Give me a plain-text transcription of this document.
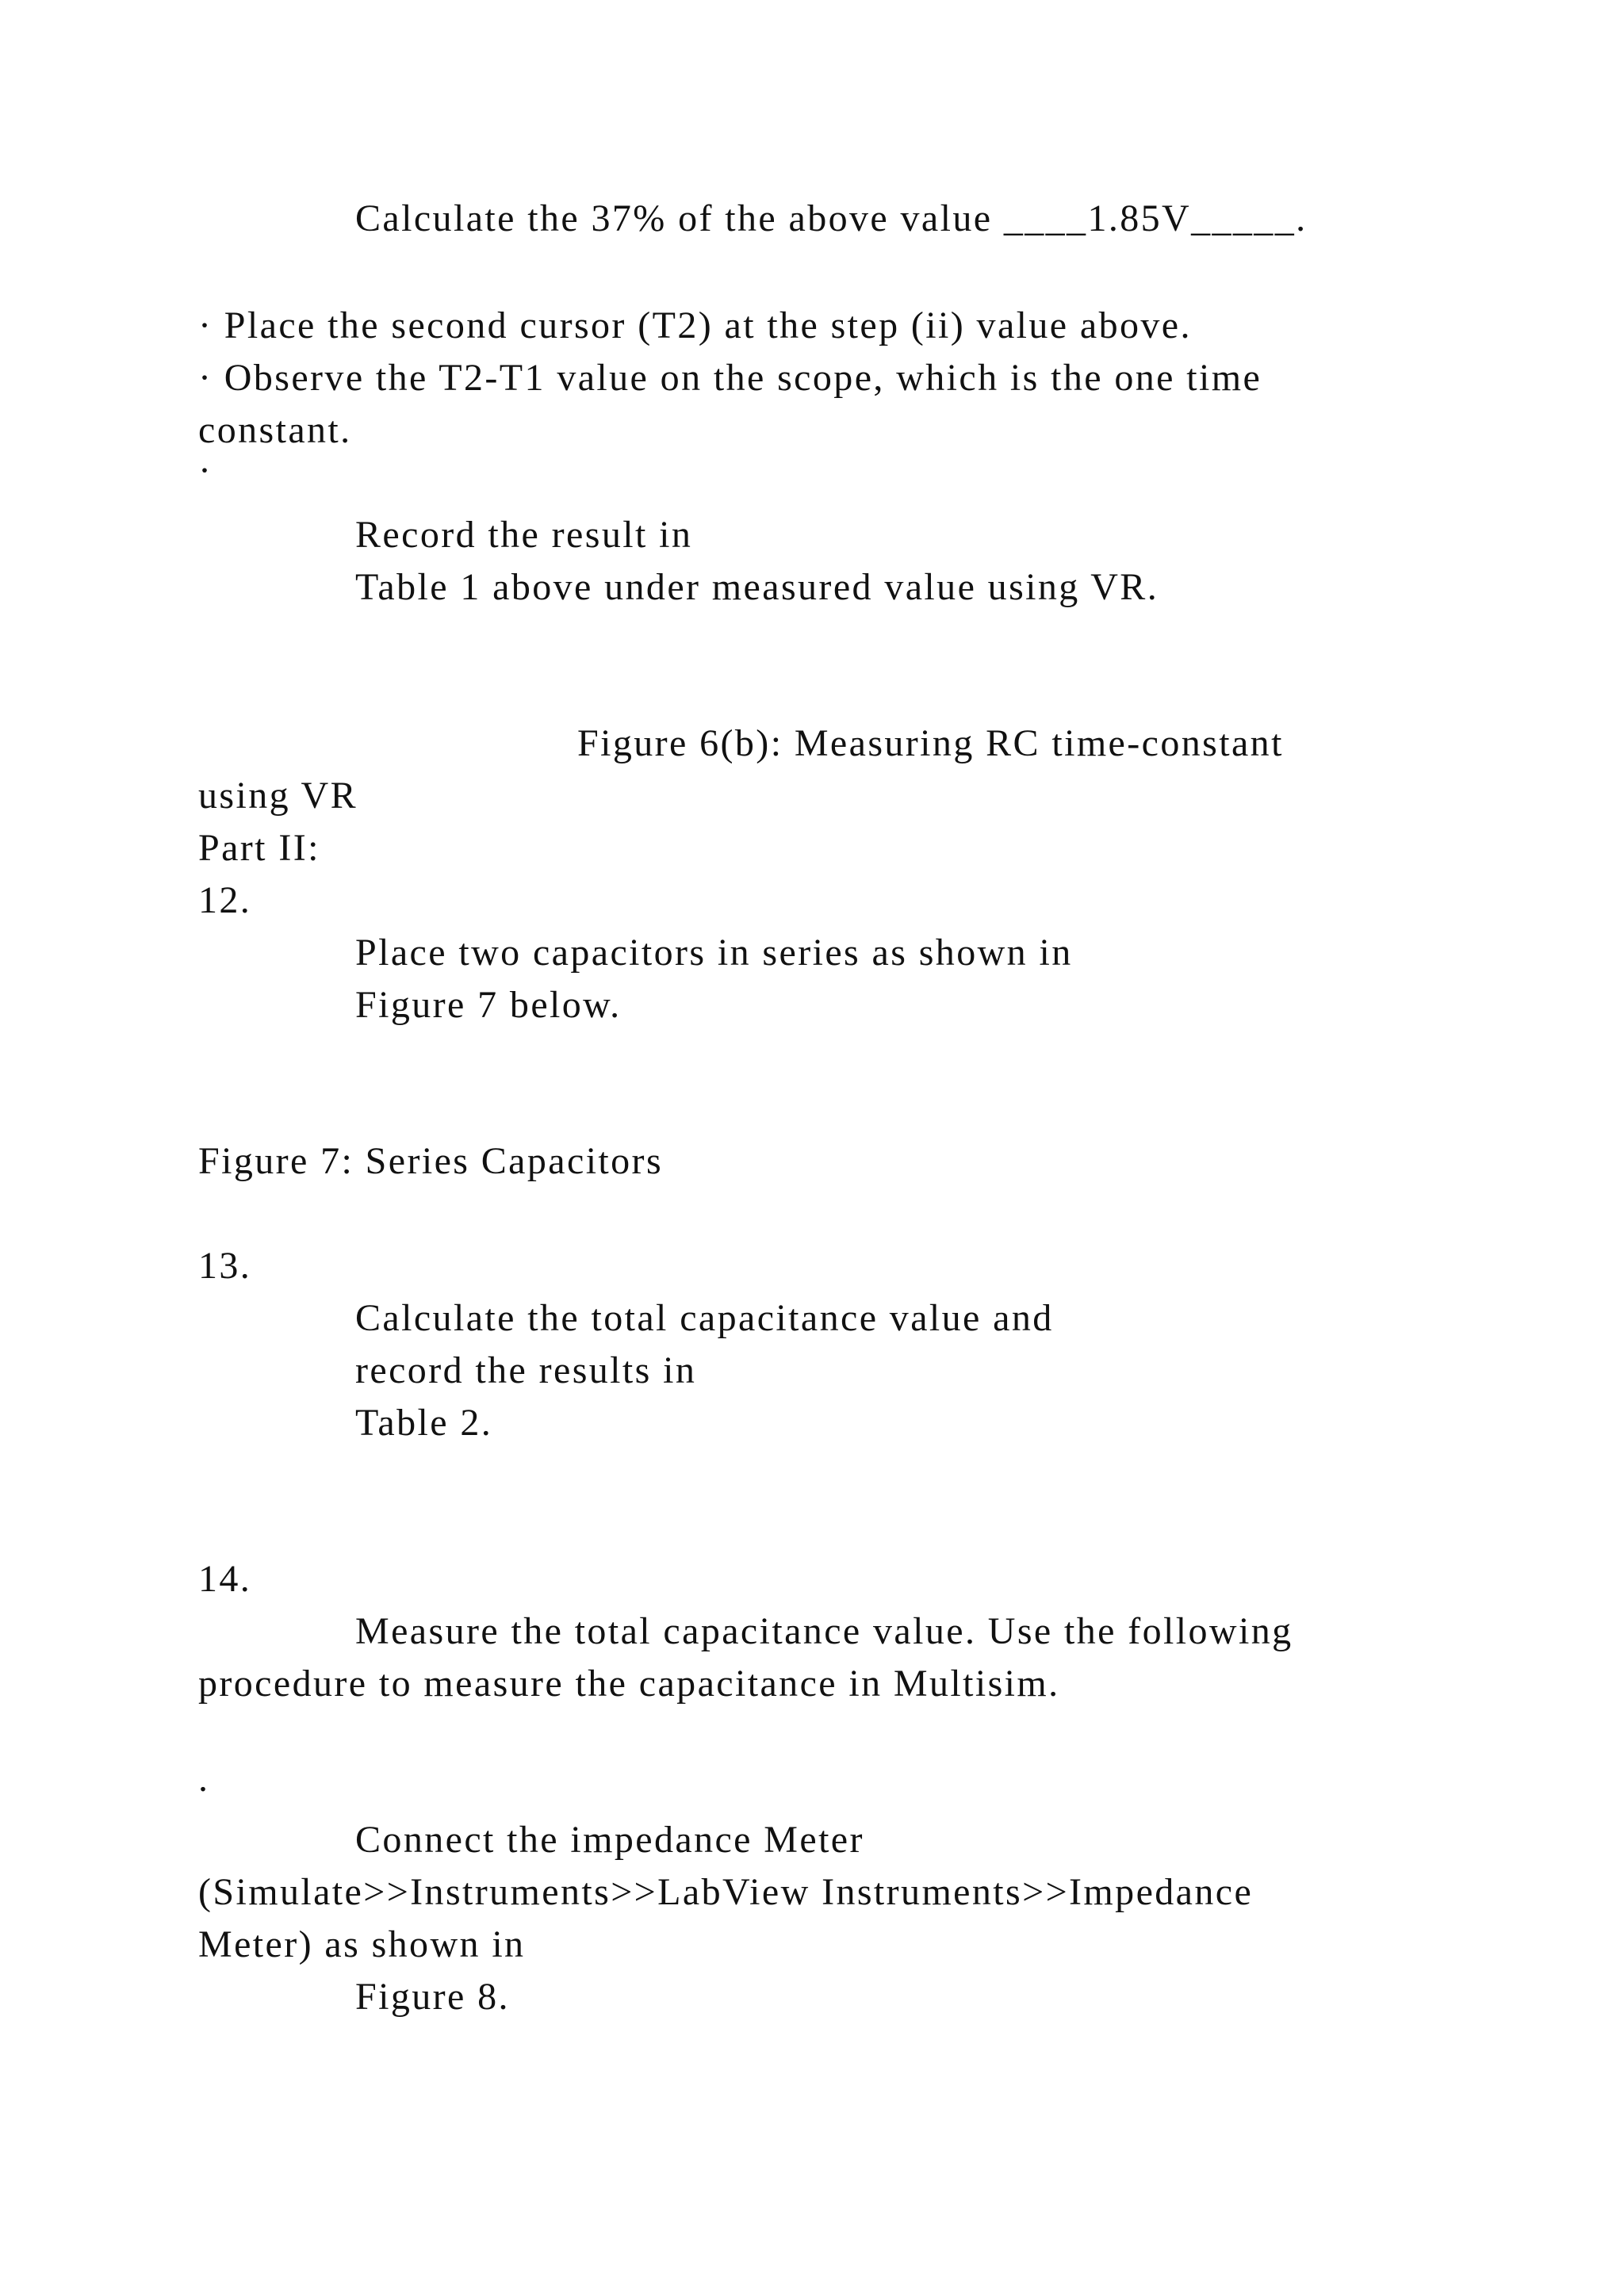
Calculate the 37% of the above value ____1.85V_____.
· Place the second cursor (T2) at the step (ii) value above.
· Observe the T2-T1 value on the scope, which is the one time
constant.
·
Record the result in
Table 1 above under measured value using VR.
Figure 6(b): Measuring RC time-constant
using VR
Part II:
12.
Place two capacitors in series as shown in
Figure 7 below.
Figure 7: Series Capacitors
13.
Calculate the total capacitance value and
record the results in
Table 2.
14.
Measure the total capacitance value. Use the following
procedure to measure the capacitance in Multisim.
.
Connect the impedance Meter
(Simulate>>Instruments>>LabView Instruments>>Impedance
Meter) as shown in
Figure 8.
